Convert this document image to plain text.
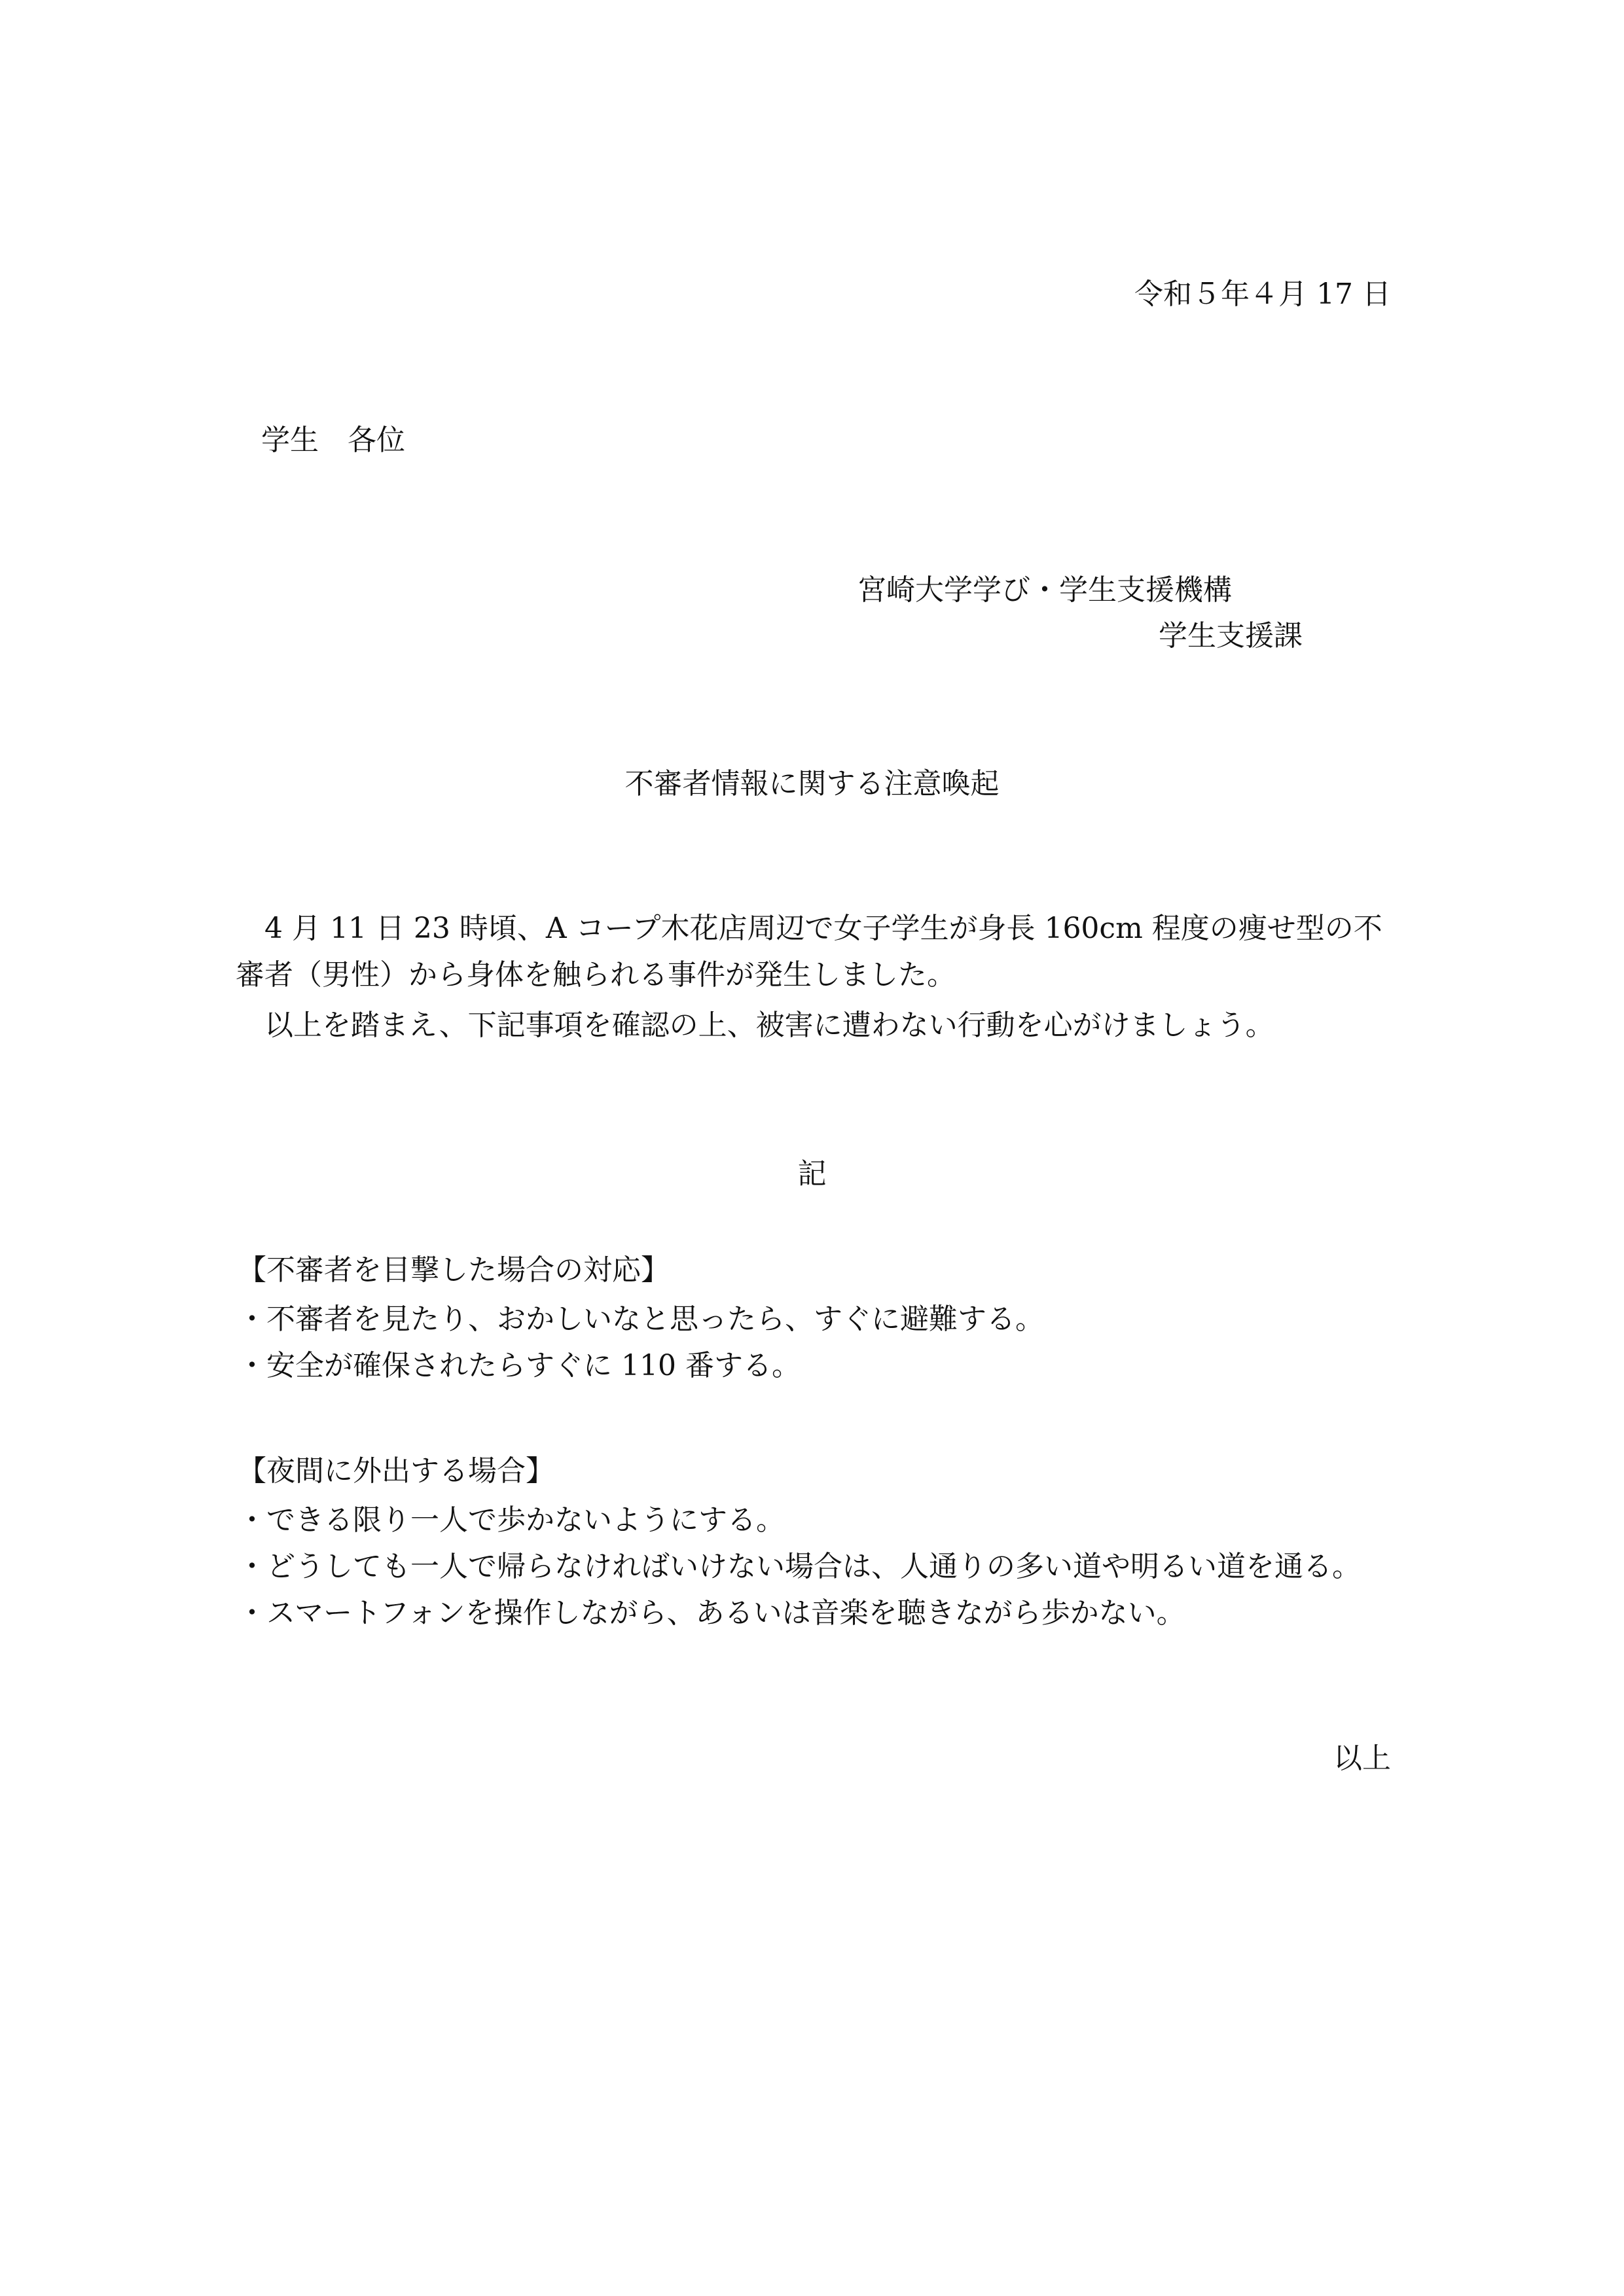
令和５年４月 17 日
学生　各位
宮崎大学学び・学生支援機構
学生支援課
不審者情報に関する注意喚起

4 月 11 日 23 時頃、A コープ木花店周辺で女子学生が身長 160cm 程度の痩せ型の不審者（男性）から身体を触られる事件が発生しました。

以上を踏まえ、下記事項を確認の上、被害に遭わない行動を心がけましょう。

記
【不審者を目撃した場合の対応】
・不審者を見たり、おかしいなと思ったら、すぐに避難する。
・安全が確保されたらすぐに 110 番する。
【夜間に外出する場合】
・できる限り一人で歩かないようにする。
・どうしても一人で帰らなければいけない場合は、人通りの多い道や明るい道を通る。
・スマートフォンを操作しながら、あるいは音楽を聴きながら歩かない。
以上
